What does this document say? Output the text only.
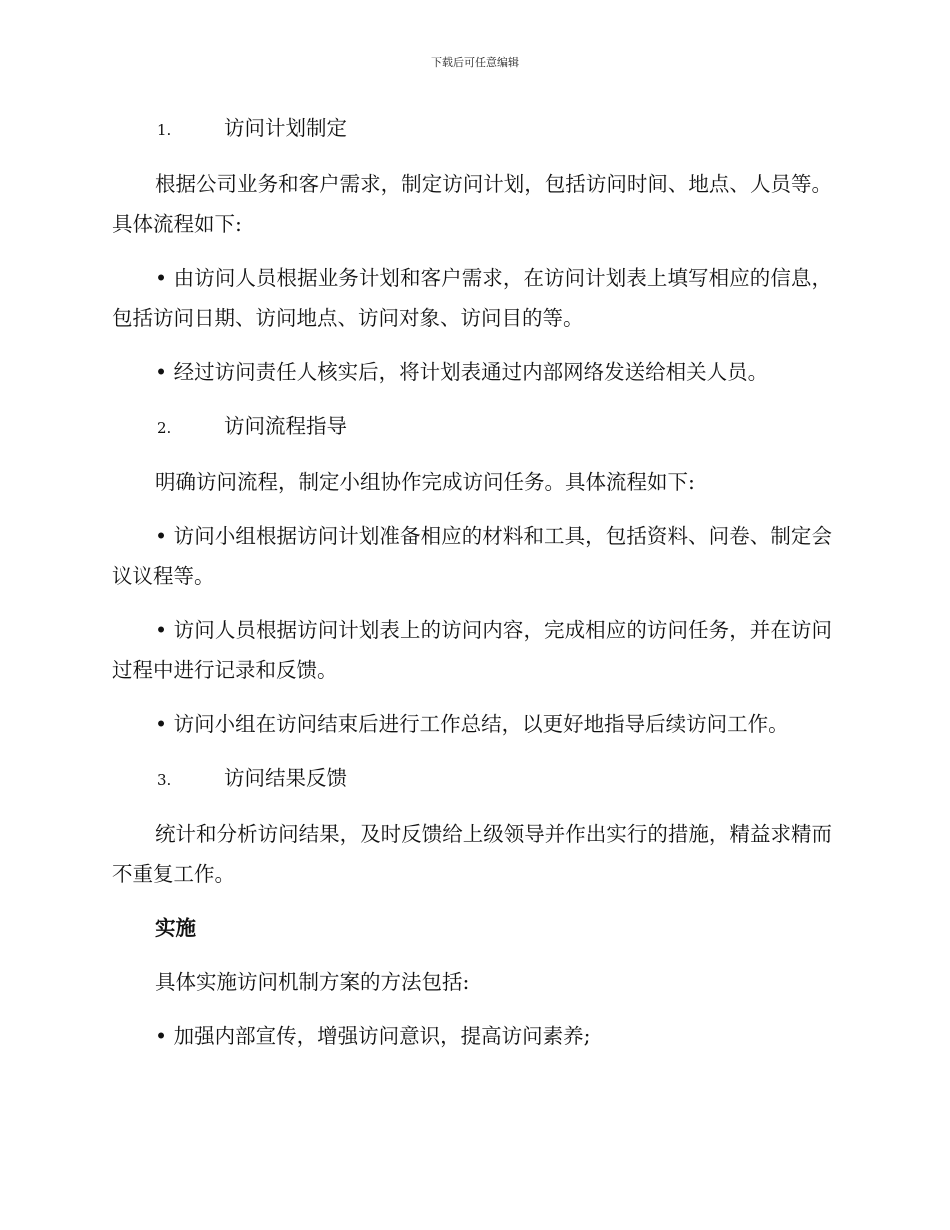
下载后可任意编辑
1.	访问计划制定

根据公司业务和客户需求，制定访问计划，包括访问时间、地点、人员等。具体流程如下:

• 由访问人员根据业务计划和客户需求，在访问计划表上填写相应的信息，包括访问日期、访问地点、访问对象、访问目的等。

• 经过访问责任人核实后，将计划表通过内部网络发送给相关人员。

2.	访问流程指导

明确访问流程，制定小组协作完成访问任务。具体流程如下:

• 访问小组根据访问计划准备相应的材料和工具，包括资料、问卷、制定会议议程等。

• 访问人员根据访问计划表上的访问内容，完成相应的访问任务，并在访问过程中进行记录和反馈。

• 访问小组在访问结束后进行工作总结，以更好地指导后续访问工作。

3.	访问结果反馈

统计和分析访问结果，及时反馈给上级领导并作出实行的措施，精益求精而不重复工作。

实施

具体实施访问机制方案的方法包括:

• 加强内部宣传，增强访问意识，提高访问素养;
